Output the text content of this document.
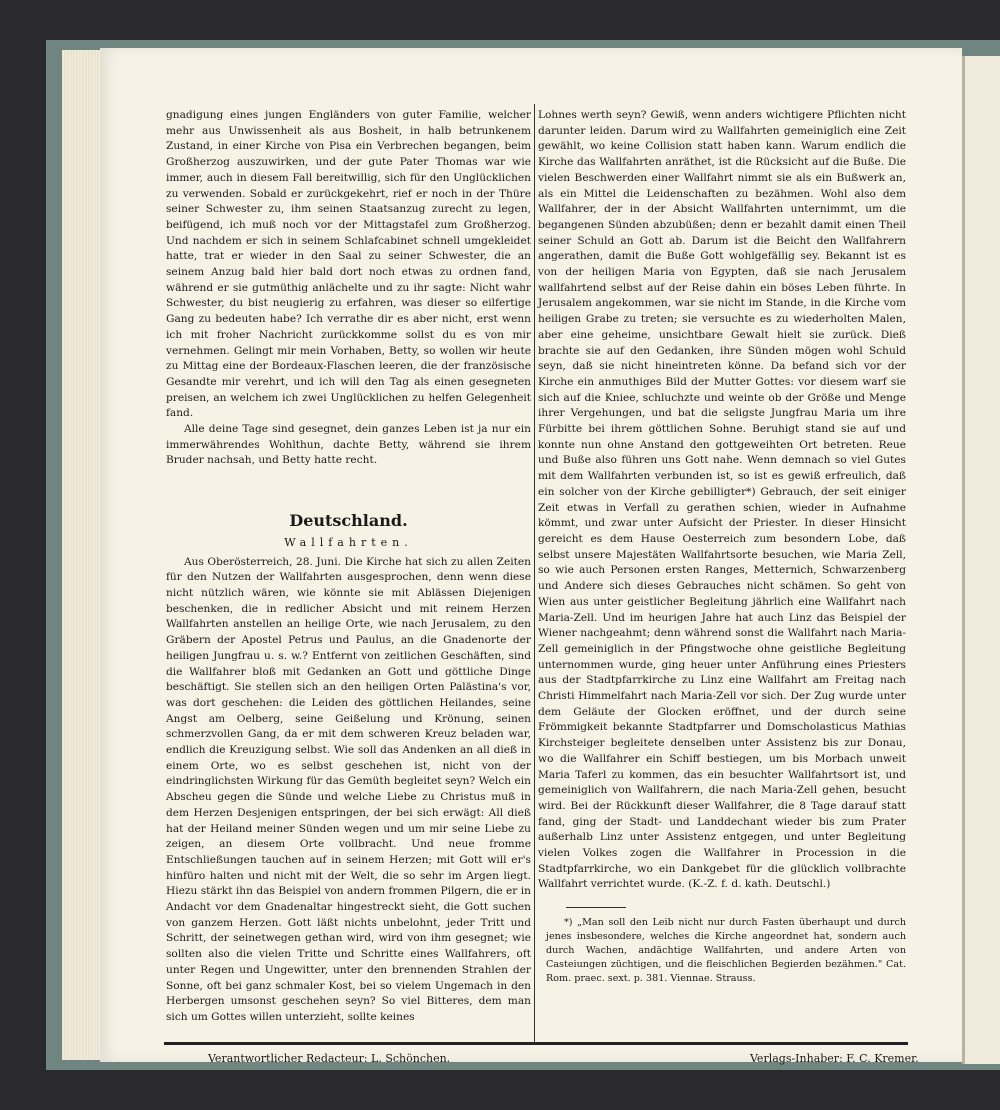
gnadigung eines jungen Engländers von guter Familie, welcher mehr aus Unwissenheit als aus Bosheit, in halb betrunkenem Zustand, in einer Kirche von Pisa ein Verbrechen begangen, beim Großherzog auszuwirken, und der gute Pater Thomas war wie immer, auch in diesem Fall bereitwillig, sich für den Unglücklichen zu verwenden. Sobald er zurückgekehrt, rief er noch in der Thüre seiner Schwester zu, ihm seinen Staatsanzug zurecht zu legen, beifügend, ich muß noch vor der Mittagstafel zum Großherzog. Und nachdem er sich in seinem Schlafcabinet schnell umgekleidet hatte, trat er wieder in den Saal zu seiner Schwester, die an seinem Anzug bald hier bald dort noch etwas zu ordnen fand, während er sie gutmüthig anlächelte und zu ihr sagte: Nicht wahr Schwester, du bist neugierig zu erfahren, was dieser so eilfertige Gang zu bedeuten habe? Ich verrathe dir es aber nicht, erst wenn ich mit froher Nachricht zurückkomme sollst du es von mir vernehmen. Gelingt mir mein Vorhaben, Betty, so wollen wir heute zu Mittag eine der Bordeaux-Flaschen leeren, die der französische Gesandte mir verehrt, und ich will den Tag als einen gesegneten preisen, an welchem ich zwei Unglücklichen zu helfen Gelegenheit fand.

Alle deine Tage sind gesegnet, dein ganzes Leben ist ja nur ein immerwährendes Wohlthun, dachte Betty, während sie ihrem Bruder nachsah, und Betty hatte recht.

Deutschland.
Wallfahrten.

Aus Oberösterreich, 28. Juni. Die Kirche hat sich zu allen Zeiten für den Nutzen der Wallfahrten ausgesprochen, denn wenn diese nicht nützlich wären, wie könnte sie mit Ablässen Diejenigen beschenken, die in redlicher Absicht und mit reinem Herzen Wallfahrten anstellen an heilige Orte, wie nach Jerusalem, zu den Gräbern der Apostel Petrus und Paulus, an die Gnadenorte der heiligen Jungfrau u. s. w.? Entfernt von zeitlichen Geschäften, sind die Wallfahrer bloß mit Gedanken an Gott und göttliche Dinge beschäftigt. Sie stellen sich an den heiligen Orten Palästina's vor, was dort geschehen: die Leiden des göttlichen Heilandes, seine Angst am Oelberg, seine Geißelung und Krönung, seinen schmerzvollen Gang, da er mit dem schweren Kreuz beladen war, endlich die Kreuzigung selbst. Wie soll das Andenken an all dieß in einem Orte, wo es selbst geschehen ist, nicht von der eindringlichsten Wirkung für das Gemüth begleitet seyn? Welch ein Abscheu gegen die Sünde und welche Liebe zu Christus muß in dem Herzen Desjenigen entspringen, der bei sich erwägt: All dieß hat der Heiland meiner Sünden wegen und um mir seine Liebe zu zeigen, an diesem Orte vollbracht. Und neue fromme Entschließungen tauchen auf in seinem Herzen; mit Gott will er's hinfüro halten und nicht mit der Welt, die so sehr im Argen liegt. Hiezu stärkt ihn das Beispiel von andern frommen Pilgern, die er in Andacht vor dem Gnadenaltar hingestreckt sieht, die Gott suchen von ganzem Herzen. Gott läßt nichts unbelohnt, jeder Tritt und Schritt, der seinetwegen gethan wird, wird von ihm gesegnet; wie sollten also die vielen Tritte und Schritte eines Wallfahrers, oft unter Regen und Ungewitter, unter den brennenden Strahlen der Sonne, oft bei ganz schmaler Kost, bei so vielem Ungemach in den Herbergen umsonst geschehen seyn? So viel Bitteres, dem man sich um Gottes willen unterzieht, sollte keines

Lohnes werth seyn? Gewiß, wenn anders wichtigere Pflichten nicht darunter leiden. Darum wird zu Wallfahrten gemeiniglich eine Zeit gewählt, wo keine Collision statt haben kann. Warum endlich die Kirche das Wallfahrten anräthet, ist die Rücksicht auf die Buße. Die vielen Beschwerden einer Wallfahrt nimmt sie als ein Bußwerk an, als ein Mittel die Leidenschaften zu bezähmen. Wohl also dem Wallfahrer, der in der Absicht Wallfahrten unternimmt, um die begangenen Sünden abzubüßen; denn er bezahlt damit einen Theil seiner Schuld an Gott ab. Darum ist die Beicht den Wallfahrern angerathen, damit die Buße Gott wohlgefällig sey. Bekannt ist es von der heiligen Maria von Egypten, daß sie nach Jerusalem wallfahrtend selbst auf der Reise dahin ein böses Leben führte. In Jerusalem angekommen, war sie nicht im Stande, in die Kirche vom heiligen Grabe zu treten; sie versuchte es zu wiederholten Malen, aber eine geheime, unsichtbare Gewalt hielt sie zurück. Dieß brachte sie auf den Gedanken, ihre Sünden mögen wohl Schuld seyn, daß sie nicht hineintreten könne. Da befand sich vor der Kirche ein anmuthiges Bild der Mutter Gottes: vor diesem warf sie sich auf die Kniee, schluchzte und weinte ob der Größe und Menge ihrer Vergehungen, und bat die seligste Jungfrau Maria um ihre Fürbitte bei ihrem göttlichen Sohne. Beruhigt stand sie auf und konnte nun ohne Anstand den gottgeweihten Ort betreten. Reue und Buße also führen uns Gott nahe. Wenn demnach so viel Gutes mit dem Wallfahrten verbunden ist, so ist es gewiß erfreulich, daß ein solcher von der Kirche gebilligter*) Gebrauch, der seit einiger Zeit etwas in Verfall zu gerathen schien, wieder in Aufnahme kömmt, und zwar unter Aufsicht der Priester. In dieser Hinsicht gereicht es dem Hause Oesterreich zum besondern Lobe, daß selbst unsere Majestäten Wallfahrtsorte besuchen, wie Maria Zell, so wie auch Personen ersten Ranges, Metternich, Schwarzenberg und Andere sich dieses Gebrauches nicht schämen. So geht von Wien aus unter geistlicher Begleitung jährlich eine Wallfahrt nach Maria-Zell. Und im heurigen Jahre hat auch Linz das Beispiel der Wiener nachgeahmt; denn während sonst die Wallfahrt nach Maria-Zell gemeiniglich in der Pfingstwoche ohne geistliche Begleitung unternommen wurde, ging heuer unter Anführung eines Priesters aus der Stadtpfarrkirche zu Linz eine Wallfahrt am Freitag nach Christi Himmelfahrt nach Maria-Zell vor sich. Der Zug wurde unter dem Geläute der Glocken eröffnet, und der durch seine Frömmigkeit bekannte Stadtpfarrer und Domscholasticus Mathias Kirchsteiger begleitete denselben unter Assistenz bis zur Donau, wo die Wallfahrer ein Schiff bestiegen, um bis Morbach unweit Maria Taferl zu kommen, das ein besuchter Wallfahrtsort ist, und gemeiniglich von Wallfahrern, die nach Maria-Zell gehen, besucht wird. Bei der Rückkunft dieser Wallfahrer, die 8 Tage darauf statt fand, ging der Stadt- und Landdechant wieder bis zum Prater außerhalb Linz unter Assistenz entgegen, und unter Begleitung vielen Volkes zogen die Wallfahrer in Procession in die Stadtpfarrkirche, wo ein Dankgebet für die glücklich vollbrachte Wallfahrt verrichtet wurde. (K.-Z. f. d. kath. Deutschl.)

*) „Man soll den Leib nicht nur durch Fasten überhaupt und durch jenes insbesondere, welches die Kirche angeordnet hat, sondern auch durch Wachen, andächtige Wallfahrten, und andere Arten von Casteiungen züchtigen, und die fleischlichen Begierden bezähmen." Cat. Rom. praec. sext. p. 381. Viennae. Strauss.

Verantwortlicher Redacteur: L. Schönchen.	Verlags-Inhaber: F. C. Kremer.
